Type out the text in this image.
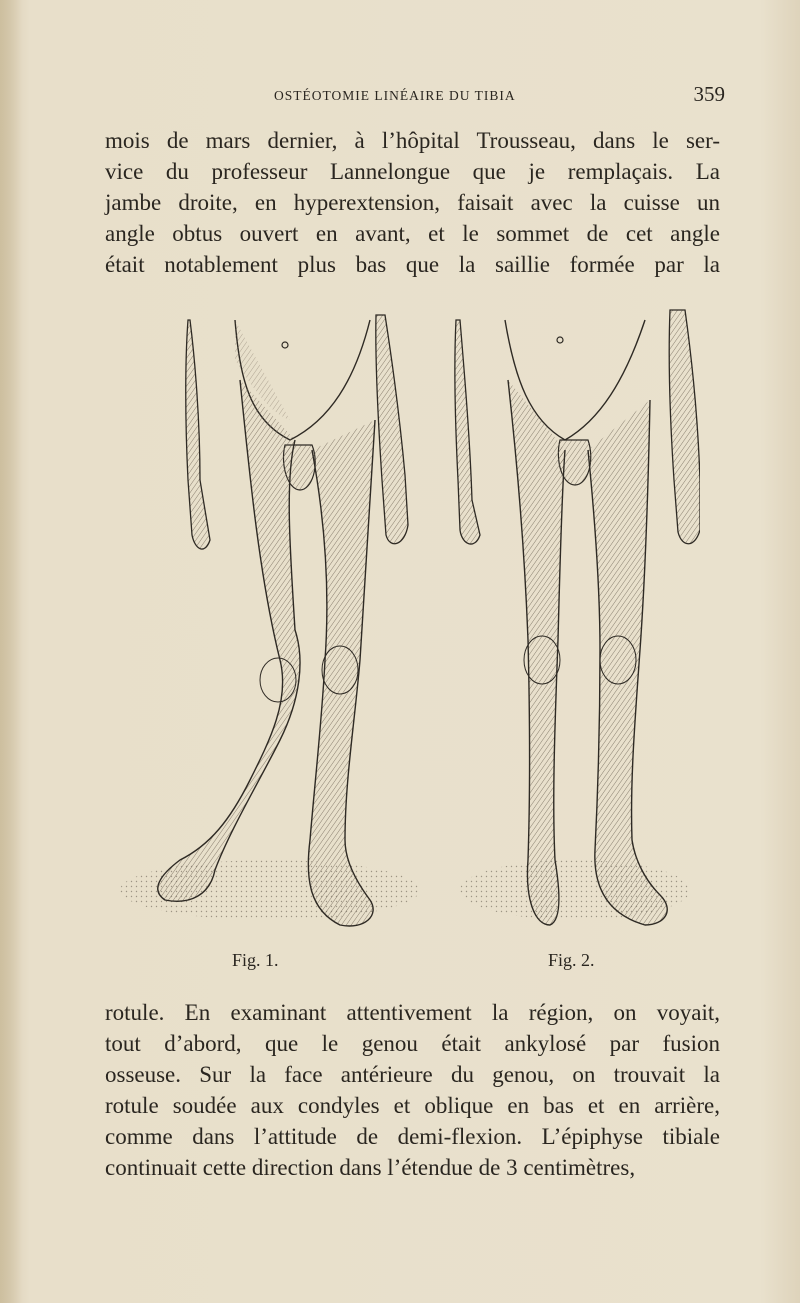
OSTÉOTOMIE LINÉAIRE DU TIBIA	359
mois de mars dernier, à l’hôpital Trousseau, dans le ser-
vice du professeur Lannelongue que je remplaçais. La
jambe droite, en hyperextension, faisait avec la cuisse un
angle obtus ouvert en avant, et le sommet de cet angle
était notablement plus bas que la saillie formée par la
Fig. 1.	Fig. 2.
rotule. En examinant attentivement la région, on voyait,
tout d’abord, que le genou était ankylosé par fusion
osseuse. Sur la face antérieure du genou, on trouvait la
rotule soudée aux condyles et oblique en bas et en arrière,
comme dans l’attitude de demi-flexion. L’épiphyse tibiale
continuait cette direction dans l’étendue de 3 centimètres,
